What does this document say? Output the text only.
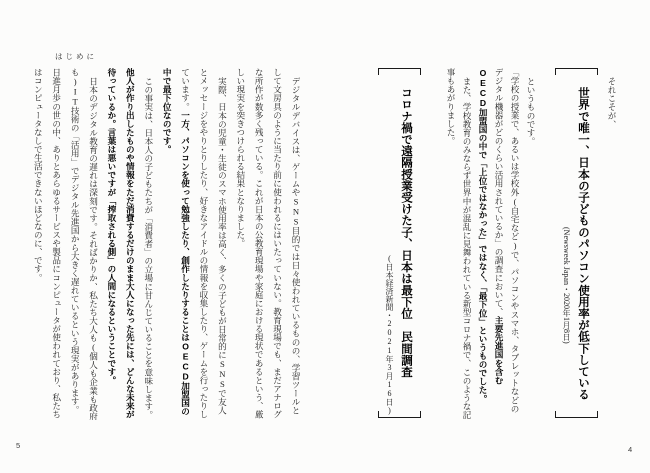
はじめに

デジタルデバイスは、ゲームやSNS目的では日々使われているものの、学習ツールとして文房具のように当たり前に使われるにはいたっていない。教育現場でも、まだアナログな所作が数多く残っている。これが日本の公教育現場や家庭における現状であるという、厳しい現実を突きつけられる結果となりました。

実際、日本の児童・生徒のスマホ使用率は高く、多くの子どもが日常的にSNSで友人とメッセージをやりとりしたり、好きなアイドルの情報を収集したり、ゲームを行ったりしています。一方、パソコンを使って勉強したり、創作したりすることはOECD加盟国の中で最下位なのです。

この事実は、日本人の子どもたちが「消費者」の立場に甘んじていることを意味します。他人が作り出したものや情報をただ消費するだけのまま大人になった先には、どんな未来が待っているか。言葉は悪いですが「搾取される側」の人間になるということです。

日本のデジタル教育の遅れは深刻です。そればかりか、私たち大人も(個人も企業も政府も)IT技術の「活用」でデジタル先進国から大きく遅れているという現実があります。日進月歩の世の中、ありとあらゆるサービスや製品にコンピュータが使われており、私たちはコンピュータなしで生活できないほどなのに、です。	それこそが、

世界で唯一、日本の子どものパソコン使用率が低下している
(Newsweek Japan・2020年1月8日)

というものです。

「学校の授業で、あるいは学校外(自宅など)で、パソコンやスマホ、タブレットなどのデジタル機器がどのくらい活用されているか」の調査において、主要先進国を含むOECD加盟国の中で「上位ではなかった」ではなく、「最下位」というものでした。

また、学校教育のみならず世界中が混乱に見舞われている新型コロナ禍で、このような記事もあがりました。

コロナ禍で遠隔授業受けた子、日本は最下位 民間調査
(日本経済新聞・2021年3月16日)
5	4
